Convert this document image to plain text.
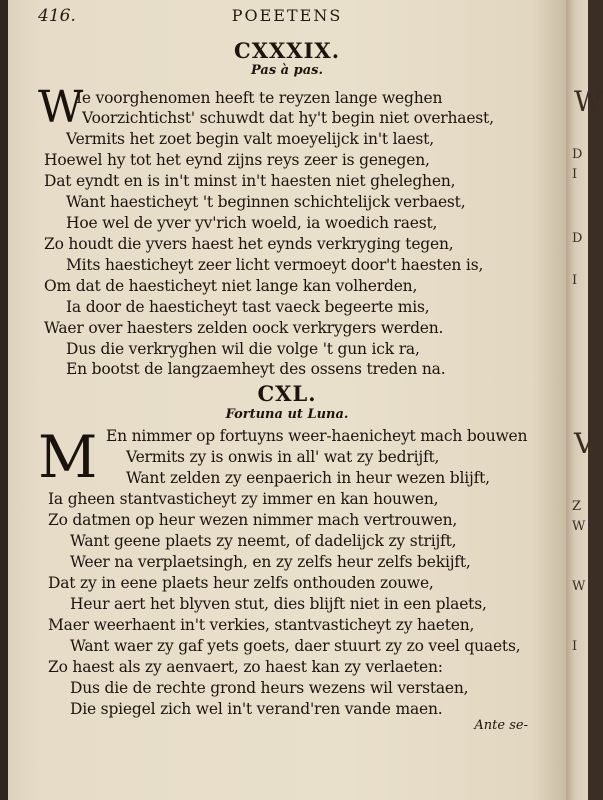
416.	POEETENS
CXXXIX.
Pas à pas.
W
Ie voorghenomen heeft te reyzen lange weghen
Voorzichtichst' schuwdt dat hy't begin niet overhaest,
Vermits het zoet begin valt moeyelijck in't laest,
Hoewel hy tot het eynd zijns reys zeer is genegen,
Dat eyndt en is in't minst in't haesten niet gheleghen,
Want haesticheyt 't beginnen schichtelijck verbaest,
Hoe wel de yver yv'rich woeld, ia woedich raest,
Zo houdt die yvers haest het eynds verkryging tegen,
Mits haesticheyt zeer licht vermoeyt door't haesten is,
Om dat de haesticheyt niet lange kan volherden,
Ia door de haesticheyt tast vaeck begeerte mis,
Waer over haesters zelden oock verkrygers werden.
Dus die verkryghen wil die volge 't gun ick ra,
En bootst de langzaemheyt des ossens treden na.
CXL.
Fortuna ut Luna.
M En nimmer op fortuyns weer-haenicheyt mach bouwen
Vermits zy is onwis in all' wat zy bedrijft,
Want zelden zy eenpaerich in heur wezen blijft,
Ia gheen stantvasticheyt zy immer en kan houwen,
Zo datmen op heur wezen nimmer mach vertrouwen,
Want geene plaets zy neemt, of dadelijck zy strijft,
Weer na verplaetsingh, en zy zelfs heur zelfs bekijft,
Dat zy in eene plaets heur zelfs onthouden zouwe,
Heur aert het blyven stut, dies blijft niet in een plaets,
Maer weerhaent in't verkies, stantvasticheyt zy haeten,
Want waer zy gaf yets goets, daer stuurt zy zo veel quaets,
Zo haest als zy aenvaert, zo haest kan zy verlaeten:
Dus die de rechte grond heurs wezens wil verstaen,
Die spiegel zich wel in't verand'ren vande maen.
Ante se-
W
D
I
D
I
V
Z
W
W
I
